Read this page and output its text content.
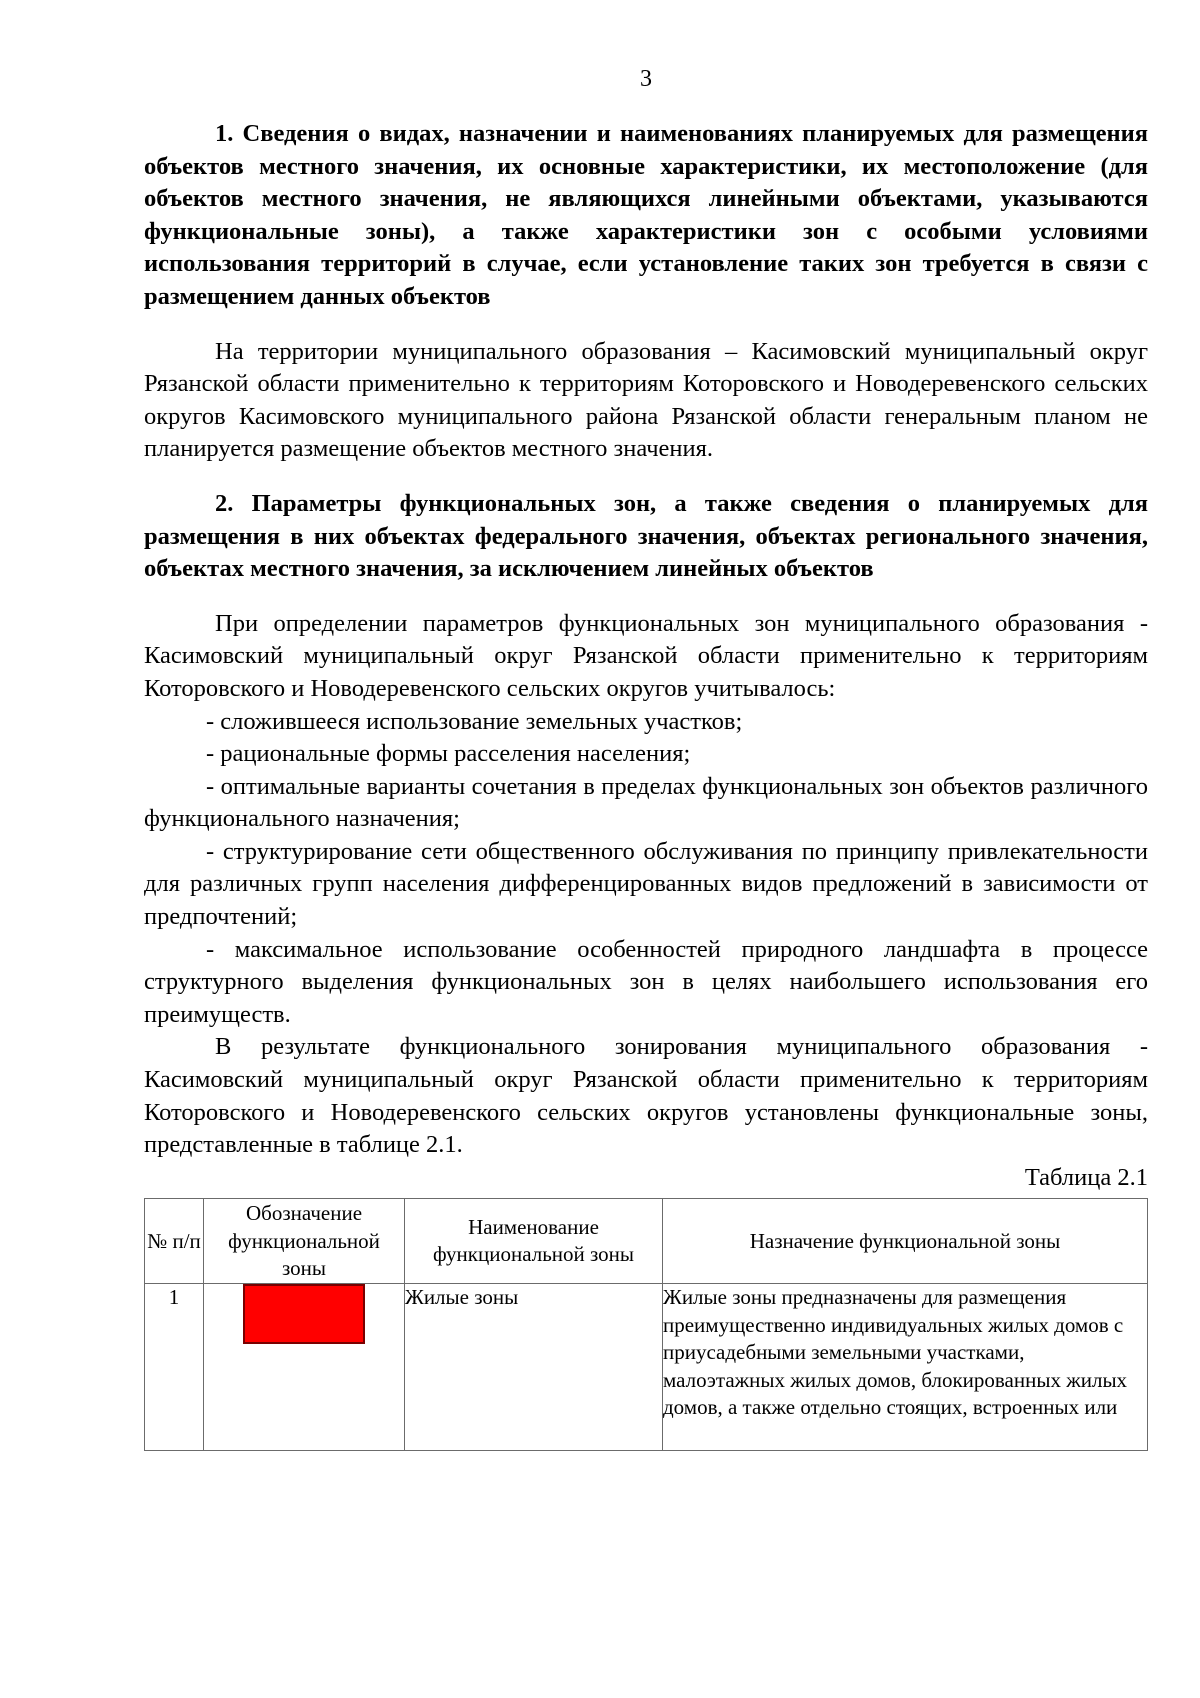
3

1. Сведения о видах, назначении и наименованиях планируемых для размещения объектов местного значения, их основные характеристики, их местоположение (для объектов местного значения, не являющихся линейными объектами, указываются функциональные зоны), а также характеристики зон с особыми условиями использования территорий в случае, если установление таких зон требуется в связи с размещением данных объектов

На территории муниципального образования – Касимовский муниципальный округ Рязанской области применительно к территориям Которовского и Новодеревенского сельских округов Касимовского муниципального района Рязанской области генеральным планом не планируется размещение объектов местного значения.

2. Параметры функциональных зон, а также сведения о планируемых для размещения в них объектах федерального значения, объектах регионального значения, объектах местного значения, за исключением линейных объектов

При определении параметров функциональных зон муниципального образования - Касимовский муниципальный округ Рязанской области применительно к территориям Которовского и Новодеревенского сельских округов учитывалось:

- сложившееся использование земельных участков;

- рациональные формы расселения населения;

- оптимальные варианты сочетания в пределах функциональных зон объектов различного функционального назначения;

- структурирование сети общественного обслуживания по принципу привлекательности для различных групп населения дифференцированных видов предложений в зависимости от предпочтений;

- максимальное использование особенностей природного ландшафта в процессе структурного выделения функциональных зон в целях наибольшего использования его преимуществ.

В результате функционального зонирования муниципального образования - Касимовский муниципальный округ Рязанской области применительно к территориям Которовского и Новодеревенского сельских округов установлены функциональные зоны, представленные в таблице 2.1.

Таблица 2.1

№ п/п	Обозначение функциональной зоны	Наименование функциональной зоны	Назначение функциональной зоны
1		Жилые зоны	Жилые зоны предназначены для размещения преимущественно индивидуальных жилых домов с приусадебными земельными участками, малоэтажных жилых домов, блокированных жилых домов, а также отдельно стоящих, встроенных или
